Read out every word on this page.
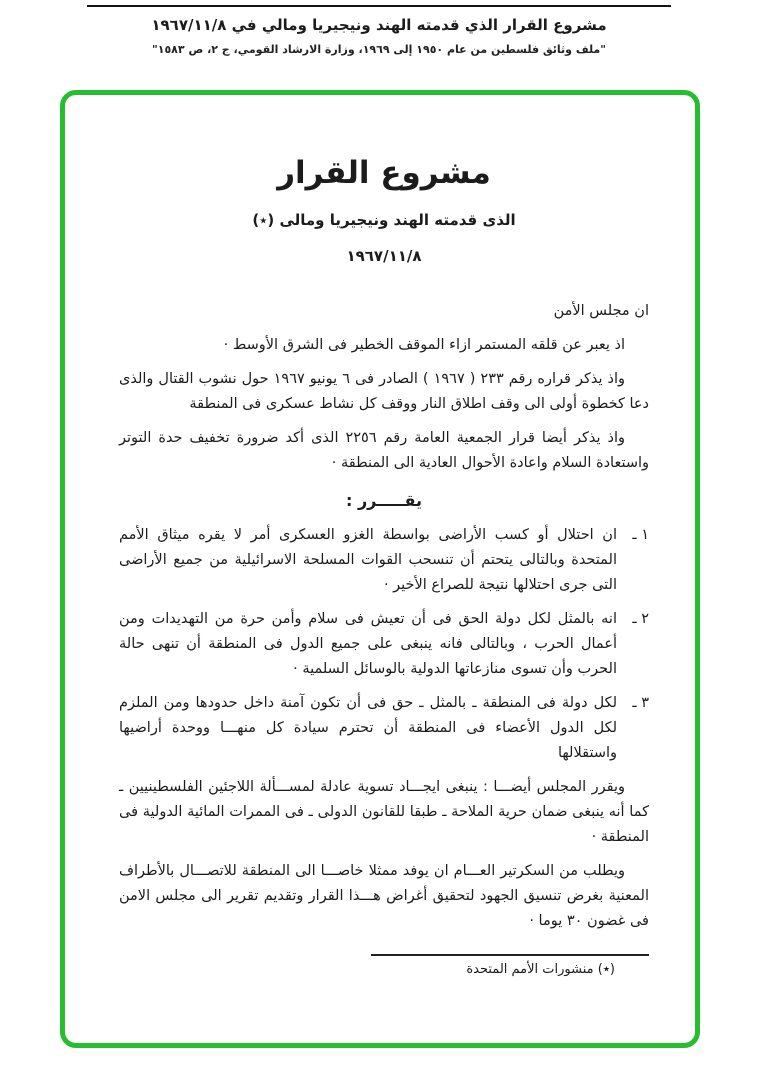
مشروع القرار الذي قدمته الهند ونيجيريا ومالي في ١٩٦٧/١١/٨
"ملف وثائق فلسطين من عام ١٩٥٠ إلى ١٩٦٩، وزارة الارشاد القومي، ج ٢، ص ١٥٨٣"
مشروع القرار
الذى قدمته الهند ونيجيريا ومالى (٭)
١٩٦٧/١١/٨

ان مجلس الأمن

اذ يعبر عن قلقه المستمر ازاء الموقف الخطير فى الشرق الأوسط ·

واذ يذكر قراره رقم ٢٣٣ ( ١٩٦٧ ) الصادر فى ٦ يونيو ١٩٦٧ حول نشوب القتال والذى دعا كخطوة أولى الى وقف اطلاق النار ووقف كل نشاط عسكرى فى المنطقة

واذ يذكر أيضا قرار الجمعية العامة رقم ٢٢٥٦ الذى أكد ضرورة تخفيف حدة التوتر واستعادة السلام واعادة الأحوال العادية الى المنطقة ·

يقـــــرر :

١ ـ
ان احتلال أو كسب الأراضى بواسطة الغزو العسكرى أمر لا يقره ميثاق الأمم المتحدة وبالتالى يتحتم أن تنسحب القوات المسلحة الاسرائيلية من جميع الأراضى التى جرى احتلالها نتيجة للصراع الأخير ·

٢ ـ
انه بالمثل لكل دولة الحق فى أن تعيش فى سلام وأمن حرة من التهديدات ومن أعمال الحرب ، وبالتالى فانه ينبغى على جميع الدول فى المنطقة أن تنهى حالة الحرب وأن تسوى منازعاتها الدولية بالوسائل السلمية ·

٣ ـ
لكل دولة فى المنطقة ـ بالمثل ـ حق فى أن تكون آمنة داخل حدودها ومن الملزم لكل الدول الأعضاء فى المنطقة أن تحترم سيادة كل منهـــا ووحدة أراضيها واستقلالها

ويقرر المجلس أيضـــا : ينبغى ايجـــاد تسوية عادلة لمســـألة اللاجئين الفلسطينيين ـ كما أنه ينبغى ضمان حرية الملاحة ـ طبقا للقانون الدولى ـ فى الممرات المائية الدولية فى المنطقة ·

ويطلب من السكرتير العـــام ان يوفد ممثلا خاصـــا الى المنطقة للاتصـــال بالأطراف المعنية بغرض تنسيق الجهود لتحقيق أغراض هـــذا القرار وتقديم تقرير الى مجلس الامن فى غضون ٣٠ يوما ·

(٭) منشورات الأمم المتحدة
